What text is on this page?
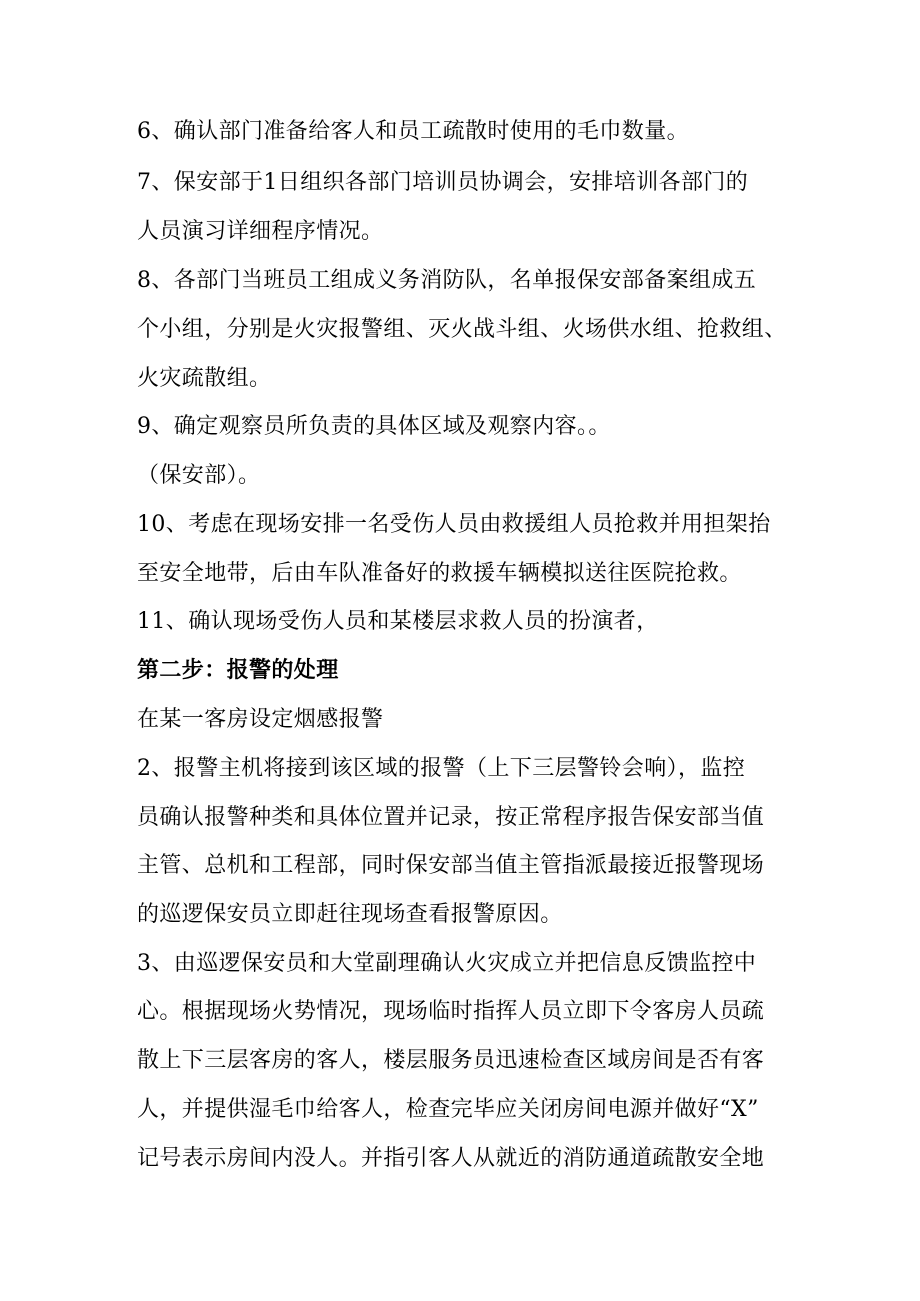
6、确认部门准备给客人和员工疏散时使用的毛巾数量。
7、保安部于1日组织各部门培训员协调会，安排培训各部门的
人员演习详细程序情况。
8、各部门当班员工组成义务消防队，名单报保安部备案组成五
个小组，分别是火灾报警组、灭火战斗组、火场供水组、抢救组、
火灾疏散组。
9、确定观察员所负责的具体区域及观察内容。。
（保安部）。
10、考虑在现场安排一名受伤人员由救援组人员抢救并用担架抬
至安全地带，后由车队准备好的救援车辆模拟送往医院抢救。
11、确认现场受伤人员和某楼层求救人员的扮演者，
第二步：报警的处理
在某一客房设定烟感报警
2、报警主机将接到该区域的报警（上下三层警铃会响），监控
员确认报警种类和具体位置并记录，按正常程序报告保安部当值
主管、总机和工程部，同时保安部当值主管指派最接近报警现场
的巡逻保安员立即赶往现场查看报警原因。
3、由巡逻保安员和大堂副理确认火灾成立并把信息反馈监控中
心。根据现场火势情况，现场临时指挥人员立即下令客房人员疏
散上下三层客房的客人，楼层服务员迅速检查区域房间是否有客
人，并提供湿毛巾给客人，检查完毕应关闭房间电源并做好“X”
记号表示房间内没人。并指引客人从就近的消防通道疏散安全地
